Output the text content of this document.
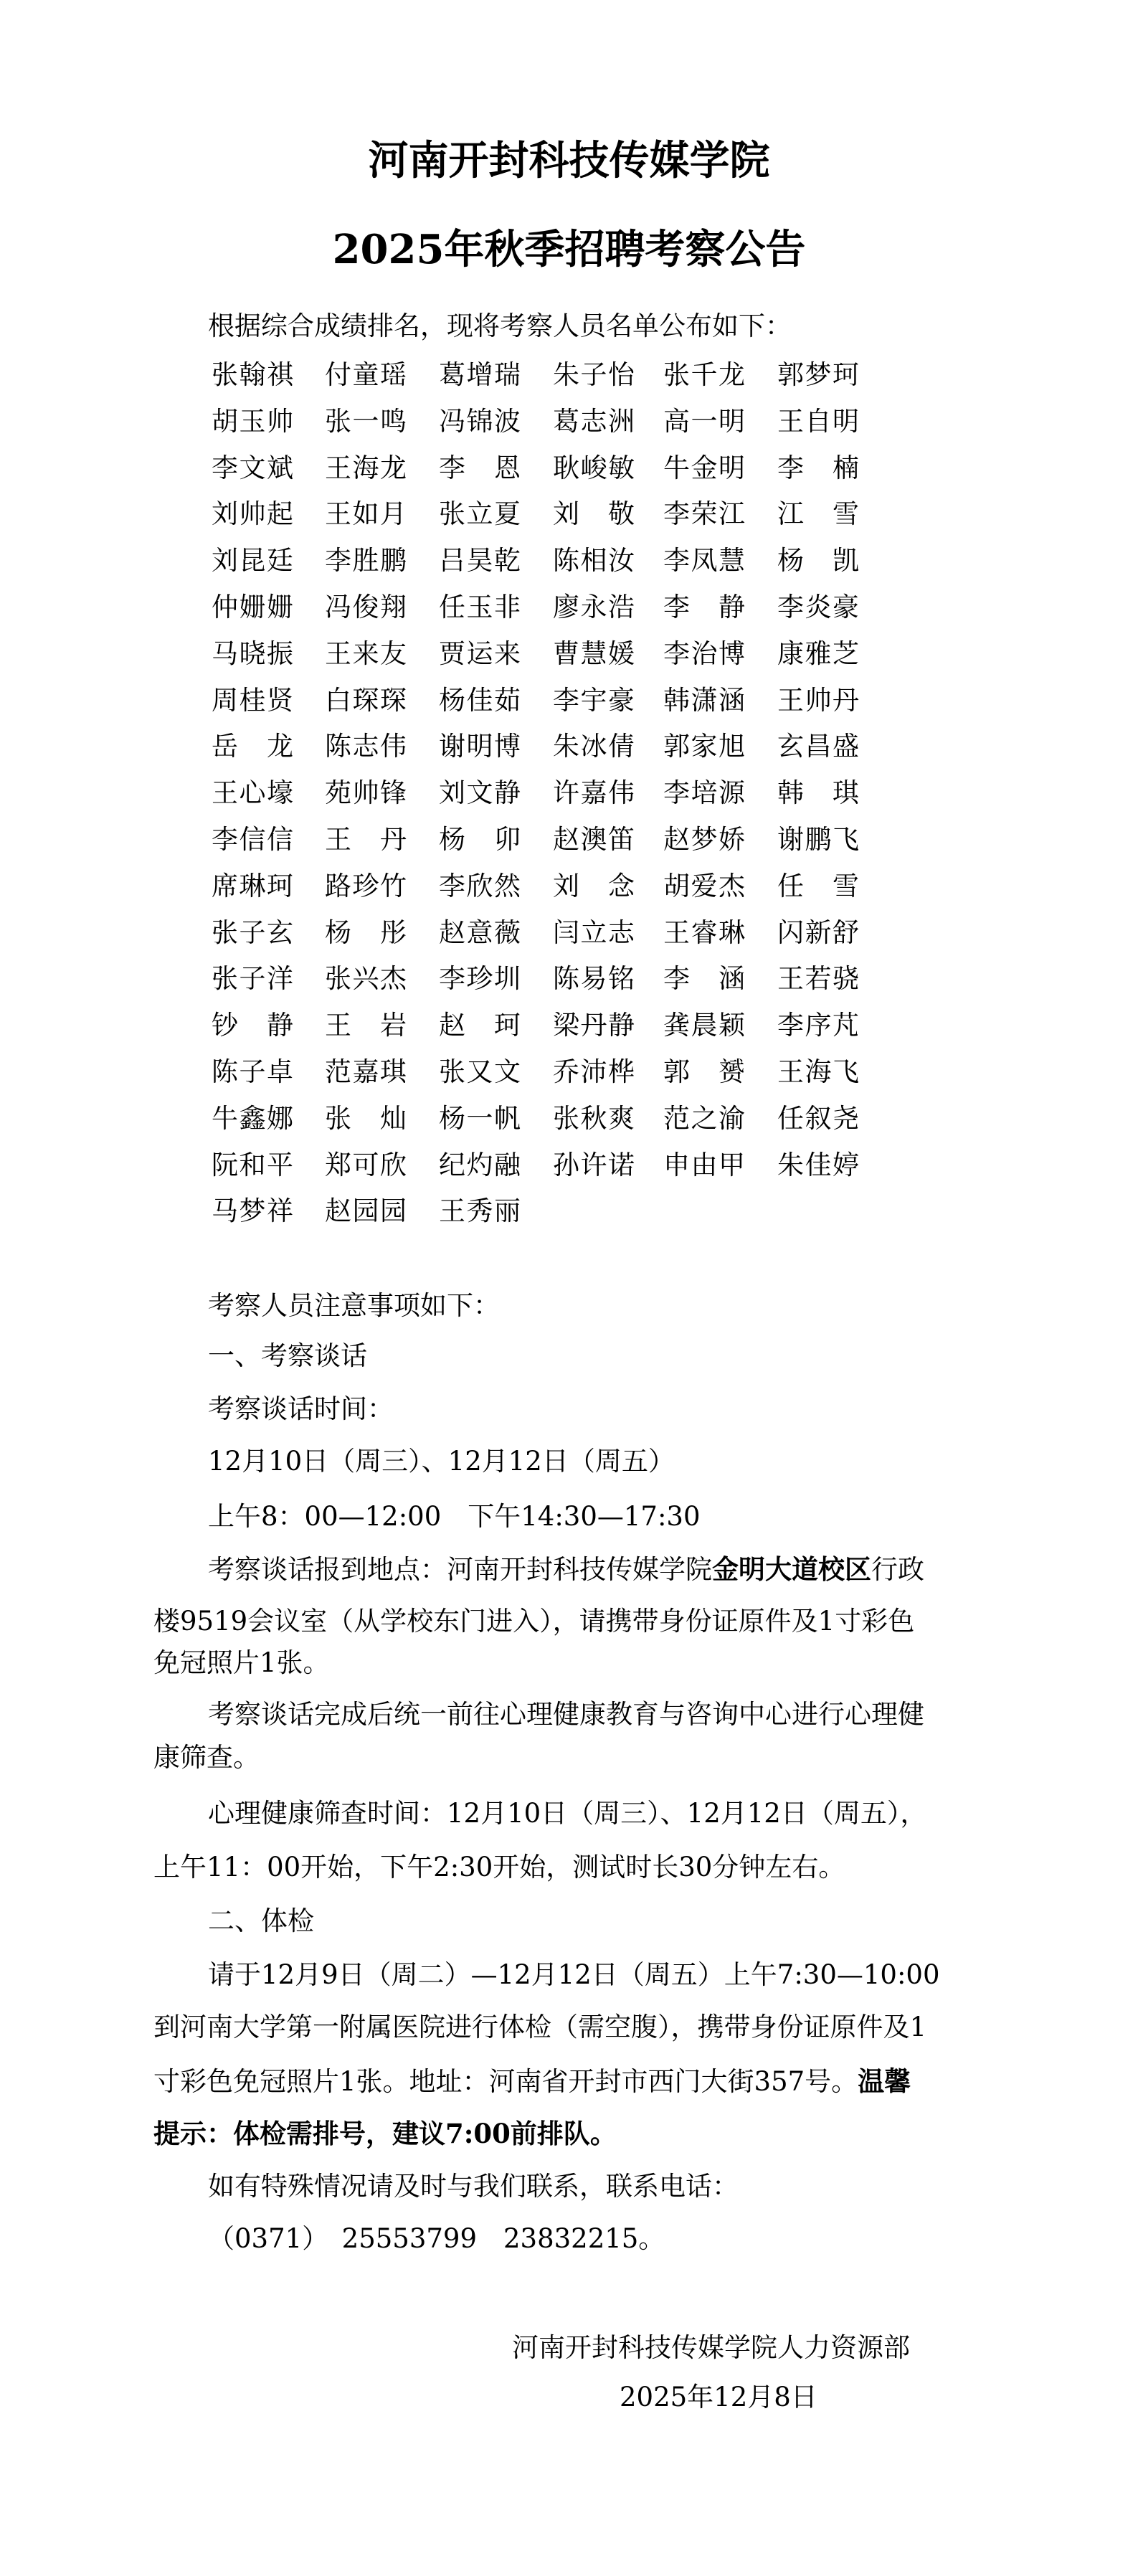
河南开封科技传媒学院
2025年秋季招聘考察公告
根据综合成绩排名，现将考察人员名单公布如下：
张翰祺 付童瑶 葛增瑞 朱子怡 张千龙 郭梦珂
胡玉帅 张一鸣 冯锦波 葛志洲 高一明 王自明
李文斌 王海龙 李　恩 耿峻敏 牛金明 李　楠
刘帅起 王如月 张立夏 刘　敬 李荣江 江　雪
刘昆廷 李胜鹏 吕昊乾 陈相汝 李凤慧 杨　凯
仲姗姗 冯俊翔 任玉非 廖永浩 李　静 李炎豪
马晓振 王来友 贾运来 曹慧媛 李治博 康雅芝
周桂贤 白琛琛 杨佳茹 李宇豪 韩潇涵 王帅丹
岳　龙 陈志伟 谢明博 朱冰倩 郭家旭 玄昌盛
王心壕 苑帅锋 刘文静 许嘉伟 李培源 韩　琪
李信信 王　丹 杨　卯 赵澳笛 赵梦娇 谢鹏飞
席琳珂 路珍竹 李欣然 刘　念 胡爱杰 任　雪
张子玄 杨　彤 赵意薇 闫立志 王睿琳 闪新舒
张子洋 张兴杰 李珍圳 陈易铭 李　涵 王若骁
钞　静 王　岩 赵　珂 梁丹静 龚晨颖 李序芃
陈子卓 范嘉琪 张又文 乔沛桦 郭　赟 王海飞
牛鑫娜 张　灿 杨一帆 张秋爽 范之渝 任叙尧
阮和平 郑可欣 纪灼融 孙许诺 申由甲 朱佳婷
马梦祥 赵园园 王秀丽
考察人员注意事项如下：
一、考察谈话
考察谈话时间：
12月10日（周三）、12月12日（周五）
上午8：00—12:00　下午14:30—17:30
考察谈话报到地点：河南开封科技传媒学院金明大道校区行政
楼9519会议室（从学校东门进入），请携带身份证原件及1寸彩色
免冠照片1张。
考察谈话完成后统一前往心理健康教育与咨询中心进行心理健
康筛查。
心理健康筛查时间：12月10日（周三）、12月12日（周五），
上午11：00开始，下午2:30开始，测试时长30分钟左右。
二、体检
请于12月9日（周二）—12月12日（周五）上午7:30—10:00
到河南大学第一附属医院进行体检（需空腹），携带身份证原件及1
寸彩色免冠照片1张。地址：河南省开封市西门大街357号。温馨
提示：体检需排号，建议7:00前排队。
如有特殊情况请及时与我们联系，联系电话：
（0371）　25553799　23832215。
河南开封科技传媒学院人力资源部
2025年12月8日
